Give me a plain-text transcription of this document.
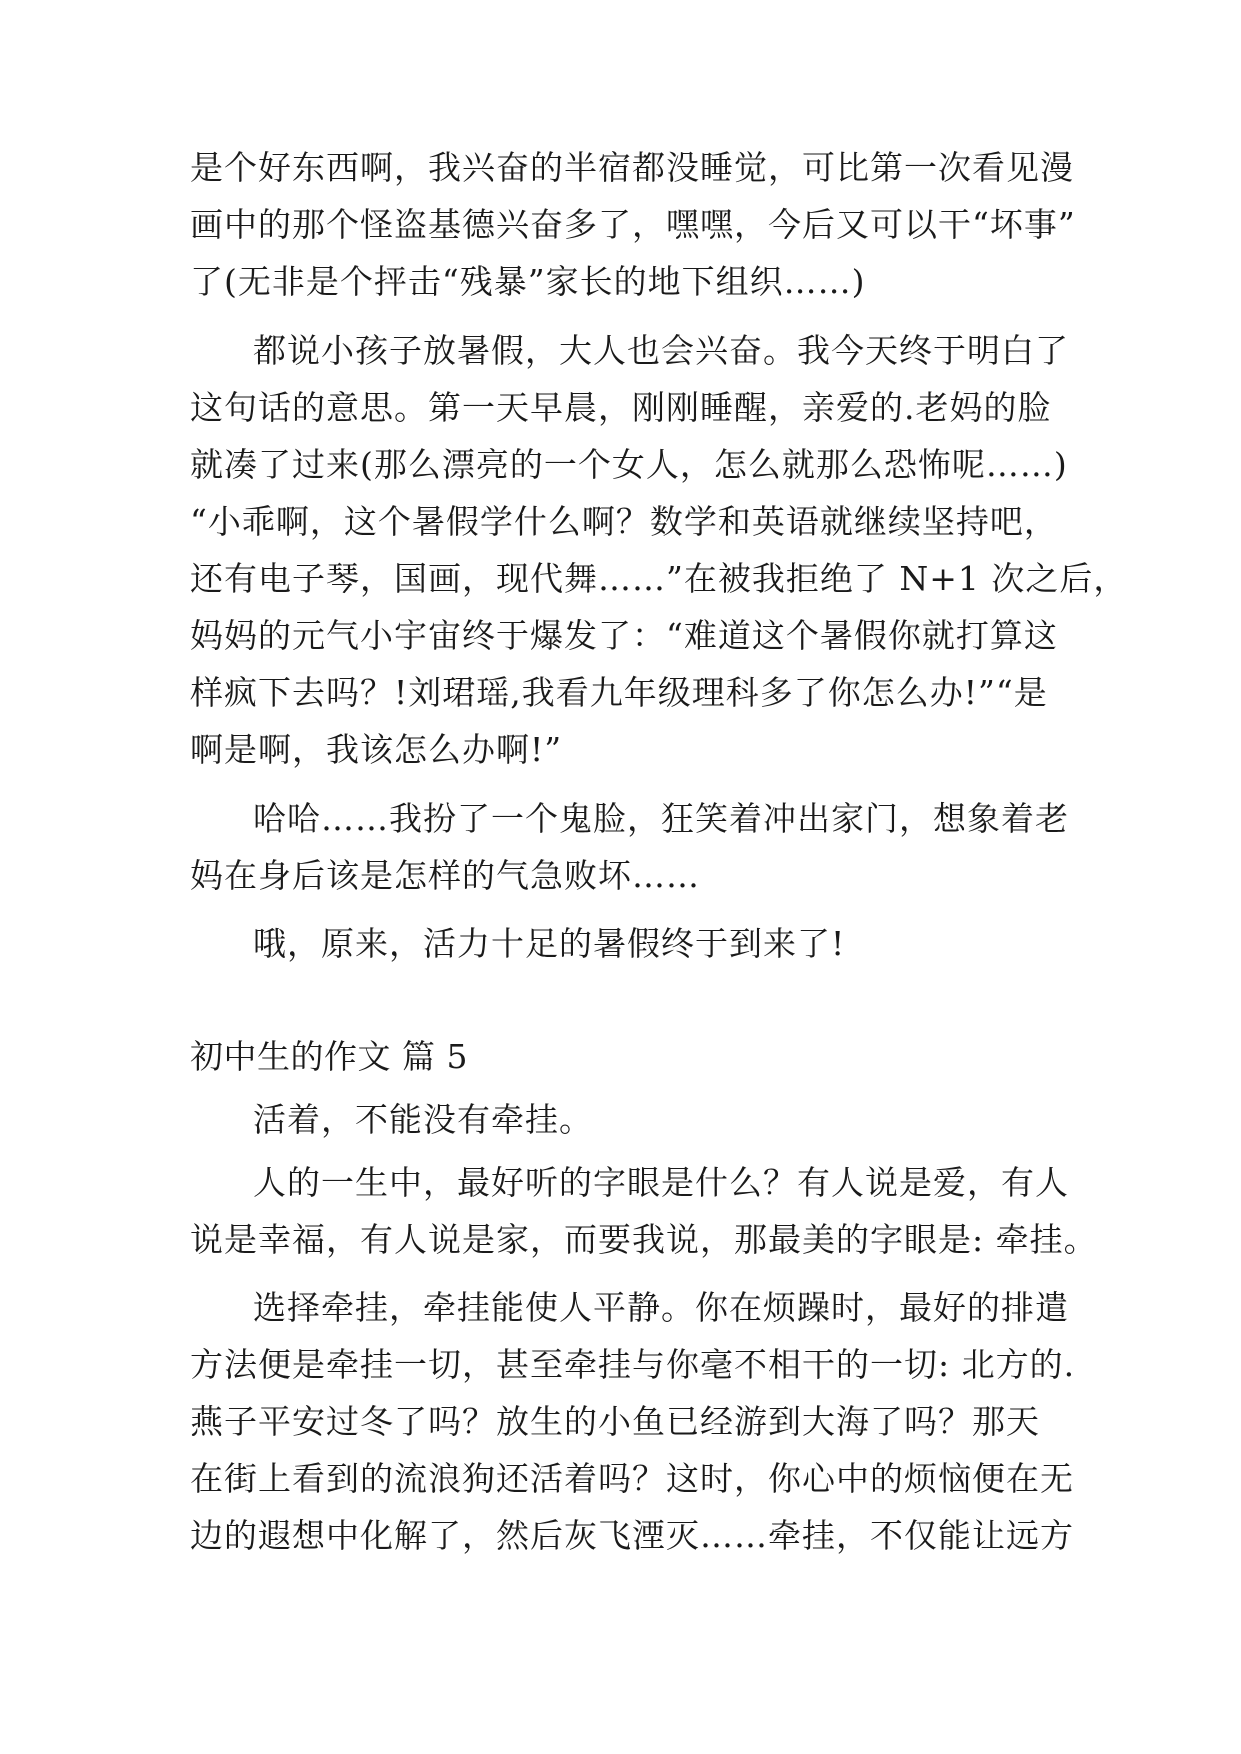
是个好东西啊，我兴奋的半宿都没睡觉，可比第一次看见漫

画中的那个怪盗基德兴奋多了，嘿嘿，今后又可以干“坏事”

了(无非是个抨击“残暴”家长的地下组织……)

都说小孩子放暑假，大人也会兴奋。我今天终于明白了

这句话的意思。第一天早晨，刚刚睡醒，亲爱的.老妈的脸

就凑了过来(那么漂亮的一个女人，怎么就那么恐怖呢……)

“小乖啊，这个暑假学什么啊？数学和英语就继续坚持吧，

还有电子琴，国画，现代舞……”在被我拒绝了 N+1 次之后，

妈妈的元气小宇宙终于爆发了：“难道这个暑假你就打算这

样疯下去吗？!刘珺瑶,我看九年级理科多了你怎么办!”“是

啊是啊，我该怎么办啊!”

哈哈……我扮了一个鬼脸，狂笑着冲出家门，想象着老

妈在身后该是怎样的气急败坏……

哦，原来，活力十足的暑假终于到来了!

初中生的作文 篇 5

活着，不能没有牵挂。

人的一生中，最好听的字眼是什么？有人说是爱，有人

说是幸福，有人说是家，而要我说，那最美的字眼是: 牵挂。

选择牵挂，牵挂能使人平静。你在烦躁时，最好的排遣

方法便是牵挂一切，甚至牵挂与你毫不相干的一切: 北方的.

燕子平安过冬了吗？放生的小鱼已经游到大海了吗？那天

在街上看到的流浪狗还活着吗？这时，你心中的烦恼便在无

边的遐想中化解了，然后灰飞湮灭……牵挂，不仅能让远方
